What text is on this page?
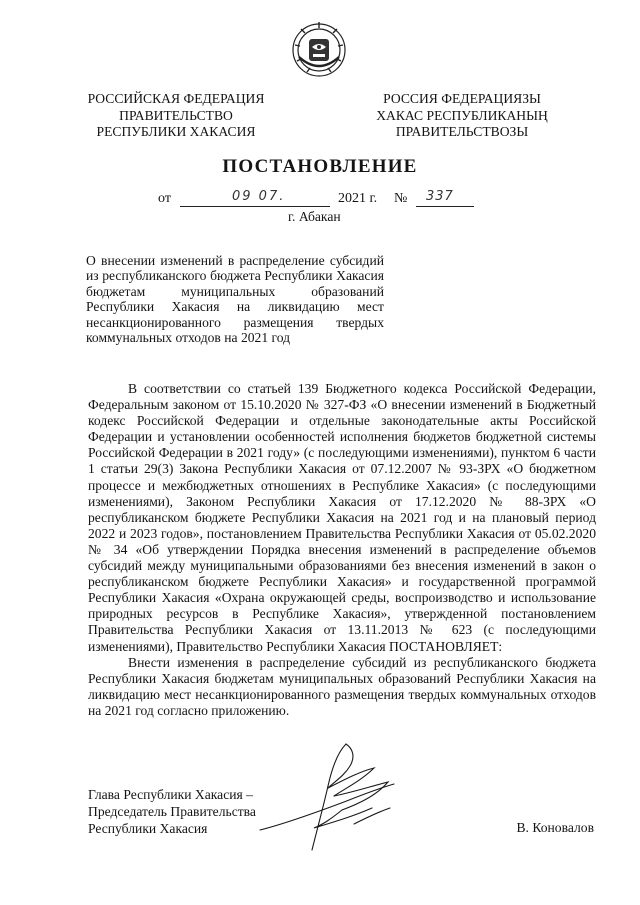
РОССИЙСКАЯ ФЕДЕРАЦИЯ
ПРАВИТЕЛЬСТВО
РЕСПУБЛИКИ ХАКАСИЯ
РОССИЯ ФЕДЕРАЦИЯЗЫ
ХАКАС РЕСПУБЛИКАНЫҢ
ПРАВИТЕЛЬСТВОЗЫ
ПОСТАНОВЛЕНИЕ
от	09 07.	2021 г. № 337
г. Абакан
О внесении изменений в распределение субсидий из республиканского бюджета Республики Хакасия бюджетам муниципальных образований Республики Хакасия на ликвидацию мест несанкционированного размещения твердых коммунальных отходов на 2021 год

В соответствии со статьей 139 Бюджетного кодекса Российской Федерации, Федеральным законом от 15.10.2020 № 327-ФЗ «О внесении изменений в Бюджетный кодекс Российской Федерации и отдельные законодательные акты Российской Федерации и установлении особенностей исполнения бюджетов бюджетной системы Российской Федерации в 2021 году» (с последующими изменениями), пунктом 6 части 1 статьи 29(3) Закона Республики Хакасия от 07.12.2007 № 93-ЗРХ «О бюджетном процессе и межбюджетных отношениях в Республике Хакасия» (с последующими изменениями), Законом Республики Хакасия от 17.12.2020 № 88-ЗРХ «О республиканском бюджете Республики Хакасия на 2021 год и на плановый период 2022 и 2023 годов», постановлением Правительства Республики Хакасия от 05.02.2020 № 34 «Об утверждении Порядка внесения изменений в распределение объемов субсидий между муниципальными образованиями без внесения изменений в закон о республиканском бюджете Республики Хакасия» и государственной программой Республики Хакасия «Охрана окружающей среды, воспроизводство и использование природных ресурсов в Республике Хакасия», утвержденной постановлением Правительства Республики Хакасия от 13.11.2013 № 623 (с последующими изменениями), Правительство Республики Хакасия ПОСТАНОВЛЯЕТ:

Внести изменения в распределение субсидий из республиканского бюджета Республики Хакасия бюджетам муниципальных образований Республики Хакасия на ликвидацию мест несанкционированного размещения твердых коммунальных отходов на 2021 год согласно приложению.

Глава Республики Хакасия –
Председатель Правительства
Республики Хакасия	В. Коновалов
